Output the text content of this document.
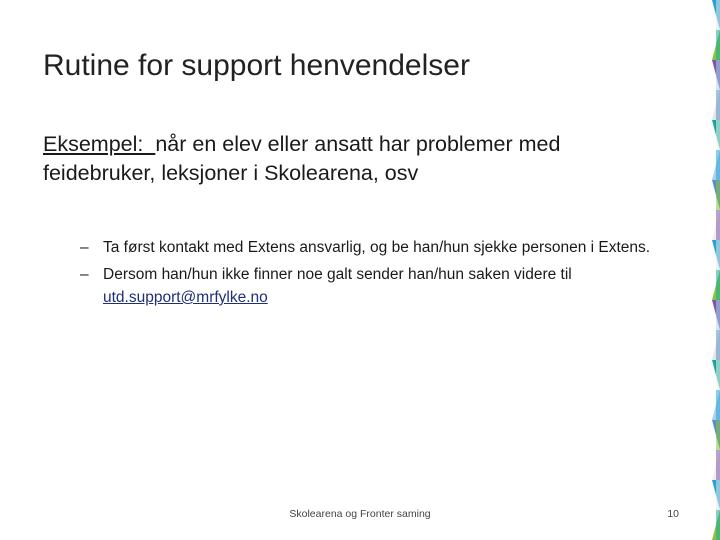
Rutine for support henvendelser
Eksempel:  når en elev eller ansatt har problemer med feidebruker, leksjoner i Skolearena, osv
– Ta først kontakt med Extens ansvarlig, og be han/hun sjekke personen i Extens.
– Dersom han/hun ikke finner noe galt sender han/hun saken videre til utd.support@mrfylke.no
Skolearena og Fronter saming	10
